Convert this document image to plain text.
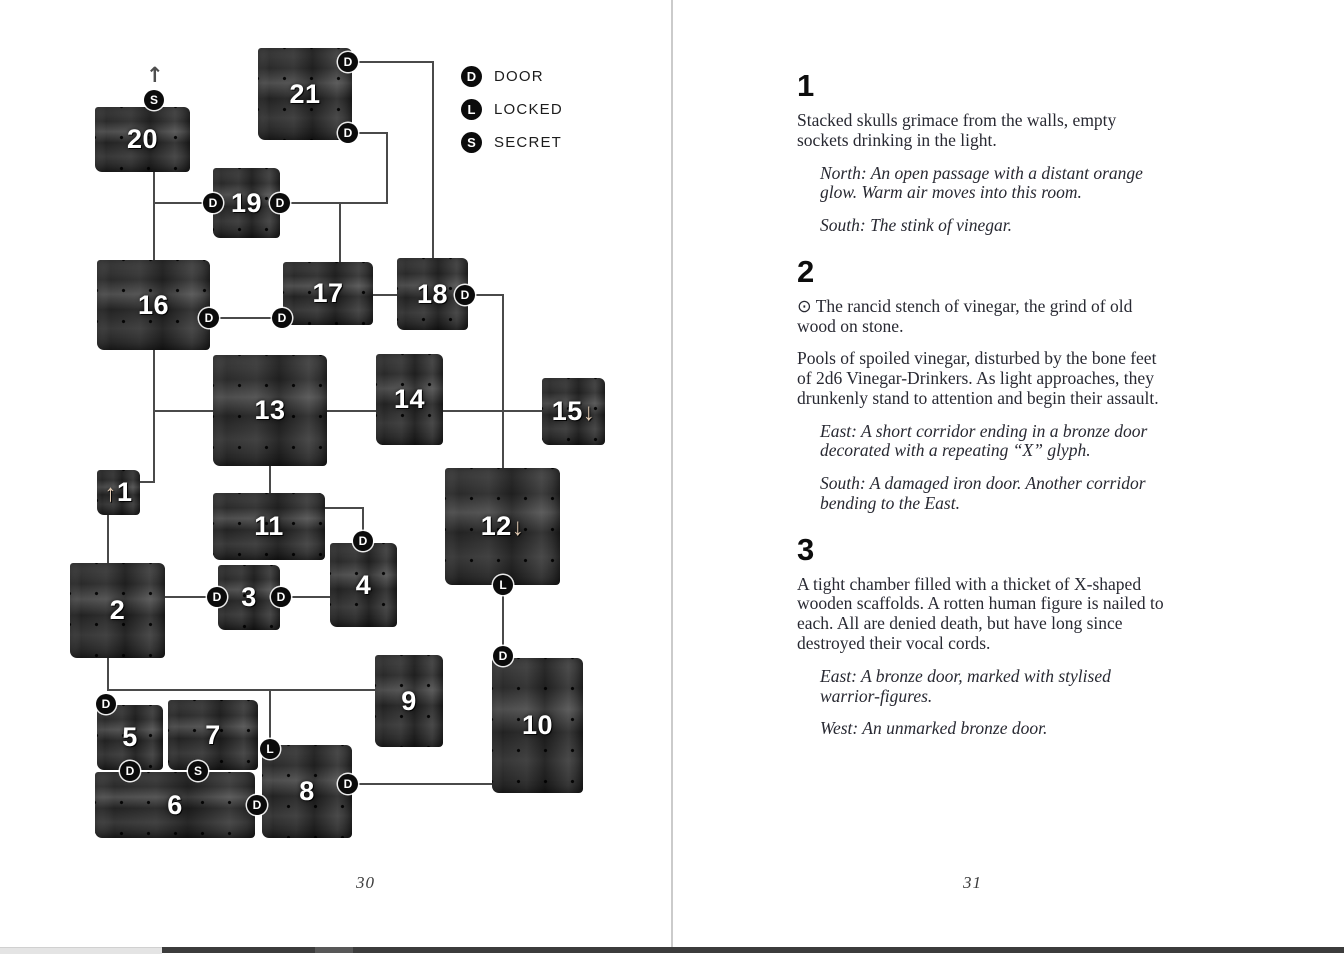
↑	D	DOOR
L	LOCKED
S	SECRET
20
21
19
16	17	18
13	14	15↓
↑1
11	12↓
2	3	4
5 7
6	8
9
10
S
D
D
D	D
D	D
D
D
D	D
D
D	S
L
D
D
L
D
30
1

Stacked skulls grimace from the walls, empty sockets drinking in the light.

North: An open passage with a distant orange glow. Warm air moves into this room.

South: The stink of vinegar.

2

⊙ The rancid stench of vinegar, the grind of old wood on stone.

Pools of spoiled vinegar, disturbed by the bone feet of 2d6 Vinegar-Drinkers. As light approaches, they drunkenly stand to attention and begin their assault.

East: A short corridor ending in a bronze door decorated with a repeating “X” glyph.

South: A damaged iron door. Another corridor bending to the East.

3

A tight chamber filled with a thicket of X-shaped wooden scaffolds. A rotten human figure is nailed to each. All are denied death, but have long since destroyed their vocal cords.

East: A bronze door, marked with stylised warrior-figures.

West: An unmarked bronze door.

31
